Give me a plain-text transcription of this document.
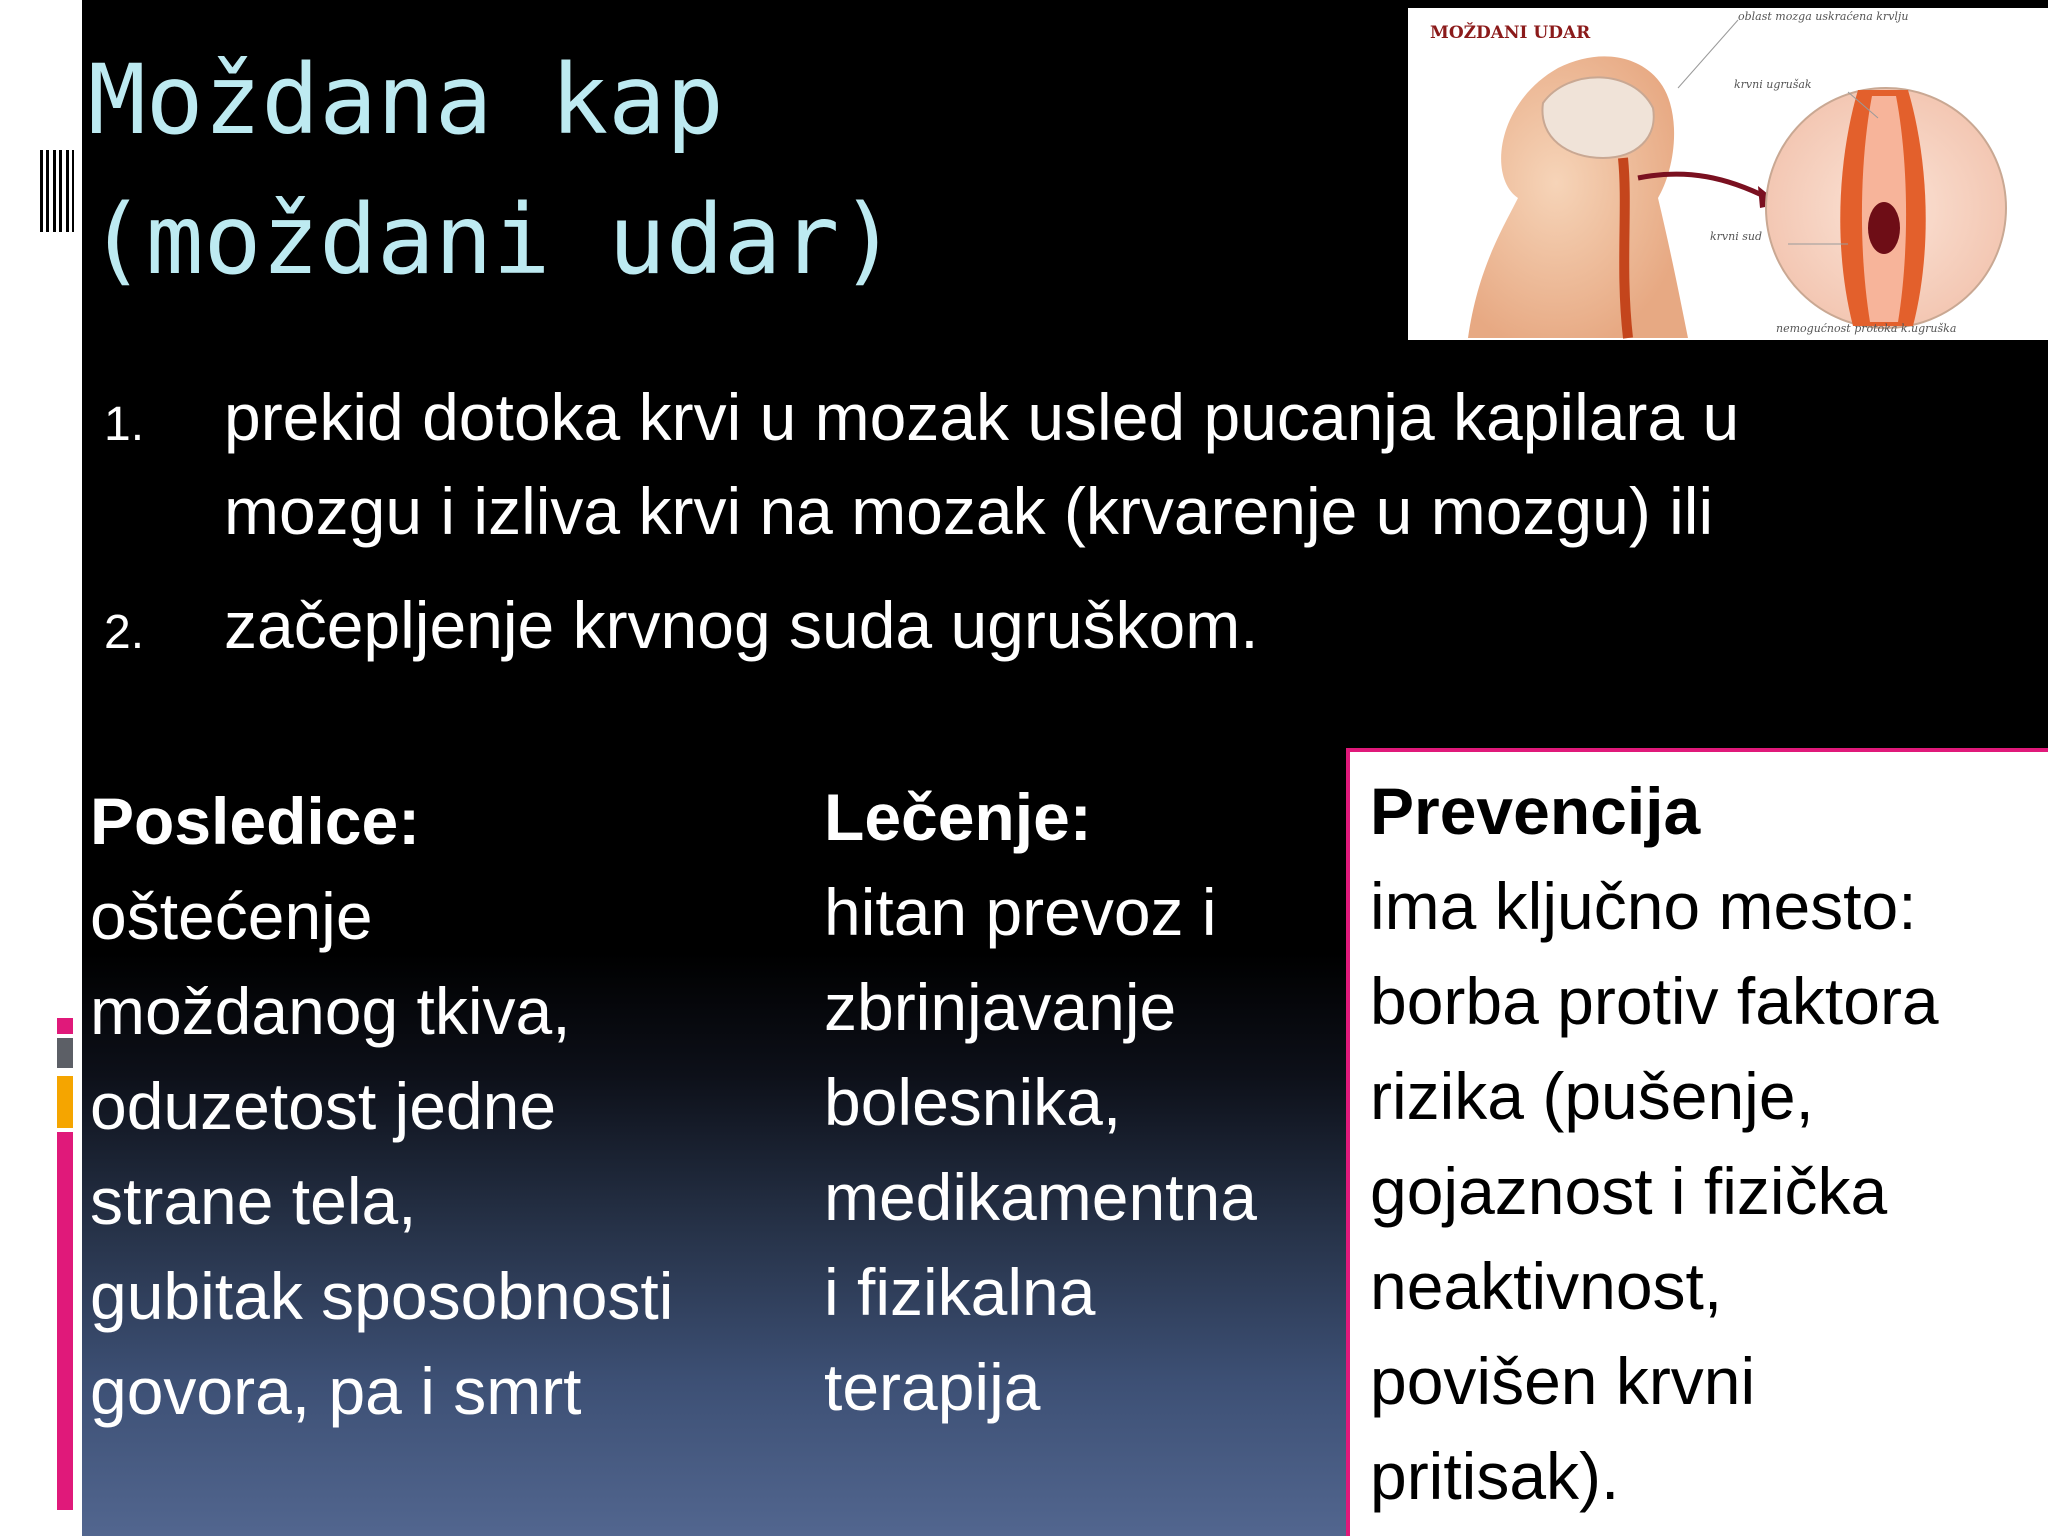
Moždana kap
(moždani udar)
MOŽDANI UDAR
oblast mozga uskraćena krvlju
krvni ugrušak
krvni sud
nemogućnost protoka k.ugruška
1. prekid dotoka krvi u mozak usled pucanja kapilara u
mozgu i izliva krvi na mozak (krvarenje u mozgu) ili
2. začepljenje krvnog suda ugruškom.
Posledice:
oštećenje
moždanog tkiva,
oduzetost jedne
strane tela,
gubitak sposobnosti
govora, pa i smrt
Lečenje:
hitan prevoz i
zbrinjavanje
bolesnika,
medikamentna
i fizikalna
terapija
Prevencija
ima ključno mesto:
borba protiv faktora
rizika (pušenje,
gojaznost i fizička
neaktivnost,
povišen krvni
pritisak).
